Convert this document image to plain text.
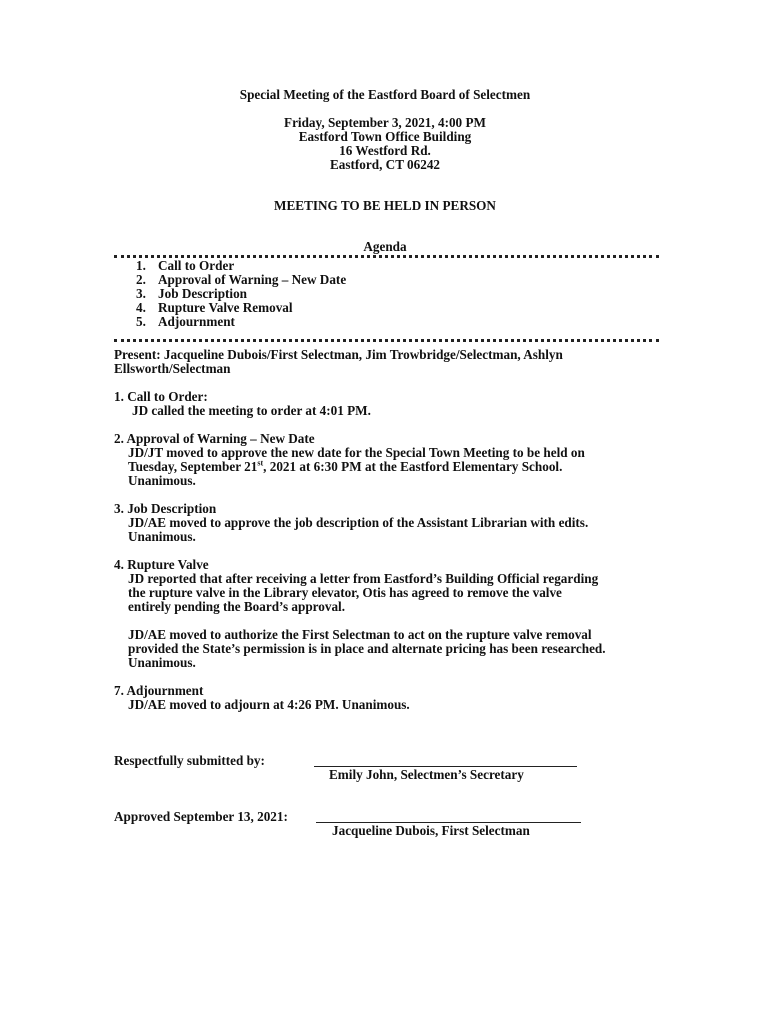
Special Meeting of the Eastford Board of Selectmen
Friday, September 3, 2021, 4:00 PM
Eastford Town Office Building
16 Westford Rd.
Eastford, CT 06242
MEETING TO BE HELD IN PERSON
Agenda
1. Call to Order
2. Approval of Warning – New Date
3. Job Description
4. Rupture Valve Removal
5. Adjournment
Present: Jacqueline Dubois/First Selectman, Jim Trowbridge/Selectman, Ashlyn
Ellsworth/Selectman
1. Call to Order:
JD called the meeting to order at 4:01 PM.
2. Approval of Warning – New Date
JD/JT moved to approve the new date for the Special Town Meeting to be held on
Tuesday, September 21st, 2021 at 6:30 PM at the Eastford Elementary School.
Unanimous.
3. Job Description
JD/AE moved to approve the job description of the Assistant Librarian with edits.
Unanimous.
4. Rupture Valve
JD reported that after receiving a letter from Eastford’s Building Official regarding
the rupture valve in the Library elevator, Otis has agreed to remove the valve
entirely pending the Board’s approval.
JD/AE moved to authorize the First Selectman to act on the rupture valve removal
provided the State’s permission is in place and alternate pricing has been researched.
Unanimous.
7. Adjournment
JD/AE moved to adjourn at 4:26 PM. Unanimous.
Respectfully submitted by:
Emily John, Selectmen’s Secretary
Approved September 13, 2021:
Jacqueline Dubois, First Selectman
